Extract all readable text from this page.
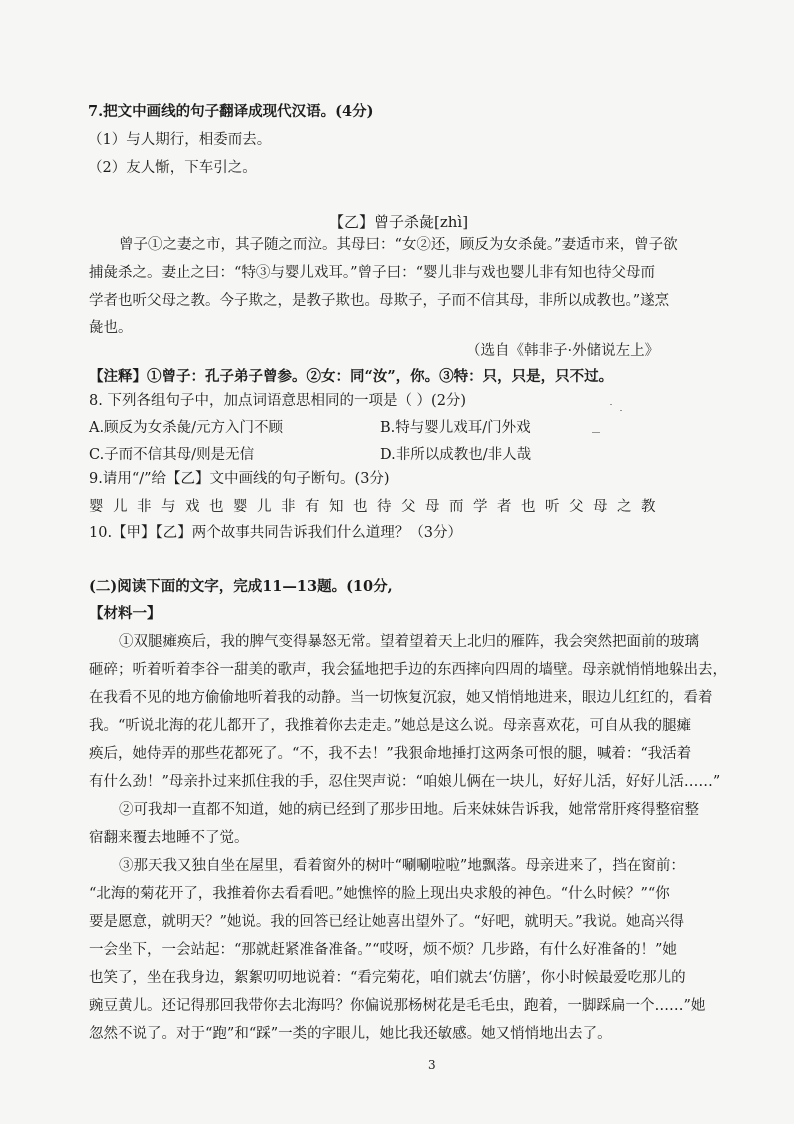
7.把文中画线的句子翻译成现代汉语。(4分)
（1）与人期行，相委而去。
（2）友人惭，下车引之。
【乙】曾子杀彘[zhì]
曾子①之妻之市，其子随之而泣。其母曰：“女②还，顾反为女杀彘。”妻适市来，曾子欲
捕彘杀之。妻止之曰：“特③与婴儿戏耳。”曾子曰：“婴儿非与戏也婴儿非有知也待父母而
学者也听父母之教。今子欺之，是教子欺也。母欺子，子而不信其母，非所以成教也。”遂烹
彘也。
（选自《韩非子·外储说左上》
【注释】①曾子：孔子弟子曾参。②女：同“汝”，你。③特：只，只是，只不过。
8. 下列各组句子中，加点词语意思相同的一项是（ ）(2分)
A.顾反为女杀彘/元方入门不顾	B.特与婴儿戏耳/门外戏
C.子而不信其母/则是无信	D.非所以成教也/非人哉
9.请用“/”给【乙】文中画线的句子断句。(3分)
婴儿非与戏也婴儿非有知也待父母而学者也听父母之教
10.【甲】【乙】两个故事共同告诉我们什么道理？（3分）
(二)阅读下面的文字，完成11—13题。(10分,
【材料一】
①双腿瘫痪后，我的脾气变得暴怒无常。望着望着天上北归的雁阵，我会突然把面前的玻璃
砸碎；听着听着李谷一甜美的歌声，我会猛地把手边的东西摔向四周的墙壁。母亲就悄悄地躲出去，
在我看不见的地方偷偷地听着我的动静。当一切恢复沉寂，她又悄悄地进来，眼边儿红红的，看着
我。“听说北海的花儿都开了，我推着你去走走。”她总是这么说。母亲喜欢花，可自从我的腿瘫
痪后，她侍弄的那些花都死了。“不，我不去！”我狠命地捶打这两条可恨的腿，喊着：“我活着
有什么劲！”母亲扑过来抓住我的手，忍住哭声说：“咱娘儿俩在一块儿，好好儿活，好好儿活……”
②可我却一直都不知道，她的病已经到了那步田地。后来妹妹告诉我，她常常肝疼得整宿整
宿翻来覆去地睡不了觉。
③那天我又独自坐在屋里，看着窗外的树叶“唰唰啦啦”地飘落。母亲进来了，挡在窗前：
“北海的菊花开了，我推着你去看看吧。”她憔悴的脸上现出央求般的神色。“什么时候？”“你
要是愿意，就明天？”她说。我的回答已经让她喜出望外了。“好吧，就明天。”我说。她高兴得
一会坐下，一会站起：“那就赶紧准备准备。”“哎呀，烦不烦？几步路，有什么好准备的！”她
也笑了，坐在我身边，絮絮叨叨地说着：“看完菊花，咱们就去‘仿膳’，你小时候最爱吃那儿的
豌豆黄儿。还记得那回我带你去北海吗？你偏说那杨树花是毛毛虫，跑着，一脚踩扁一个……”她
忽然不说了。对于“跑”和“踩”一类的字眼儿，她比我还敏感。她又悄悄地出去了。
3
